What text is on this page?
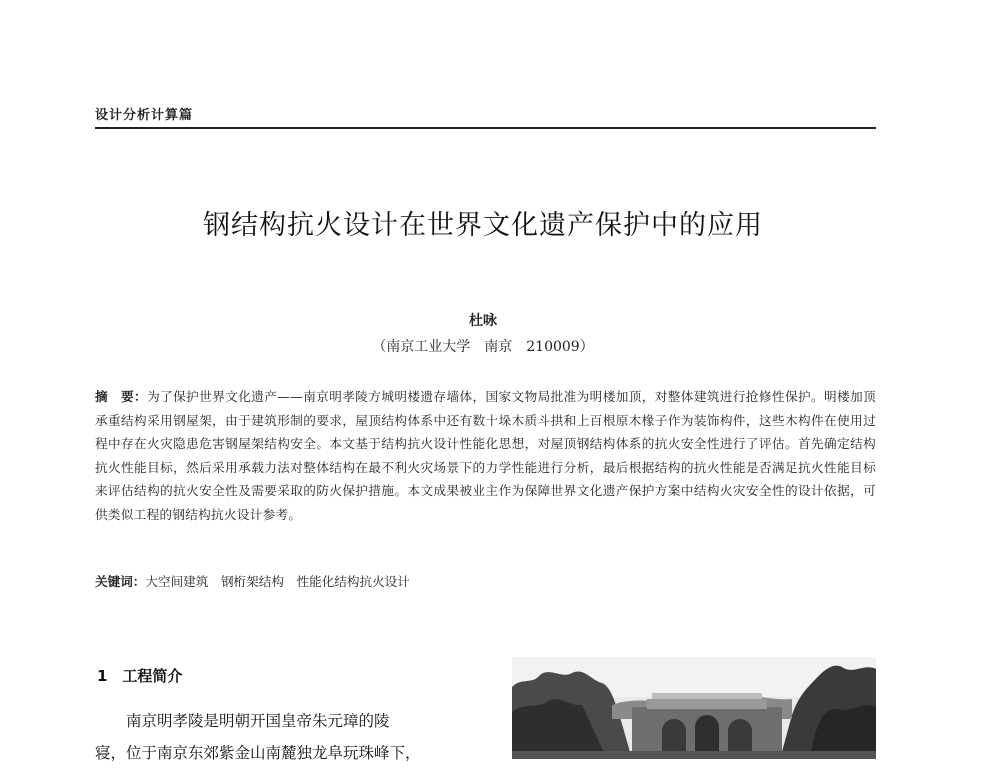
设计分析计算篇
钢结构抗火设计在世界文化遗产保护中的应用
杜咏
（南京工业大学　南京　210009）
摘　要：为了保护世界文化遗产——南京明孝陵方城明楼遗存墙体，国家文物局批准为明楼加顶，对整体建筑进行抢修性保护。明楼加顶承重结构采用钢屋架，由于建筑形制的要求，屋顶结构体系中还有数十垛木质斗拱和上百根原木椽子作为装饰构件，这些木构件在使用过程中存在火灾隐患危害钢屋架结构安全。本文基于结构抗火设计性能化思想，对屋顶钢结构体系的抗火安全性进行了评估。首先确定结构抗火性能目标，然后采用承载力法对整体结构在最不利火灾场景下的力学性能进行分析，最后根据结构的抗火性能是否满足抗火性能目标来评估结构的抗火安全性及需要采取的防火保护措施。本文成果被业主作为保障世界文化遗产保护方案中结构火灾安全性的设计依据，可供类似工程的钢结构抗火设计参考。
关键词：大空间建筑　钢桁架结构　性能化结构抗火设计
1　工程简介
南京明孝陵是明朝开国皇帝朱元璋的陵
寝，位于南京东郊紫金山南麓独龙阜玩珠峰下，
